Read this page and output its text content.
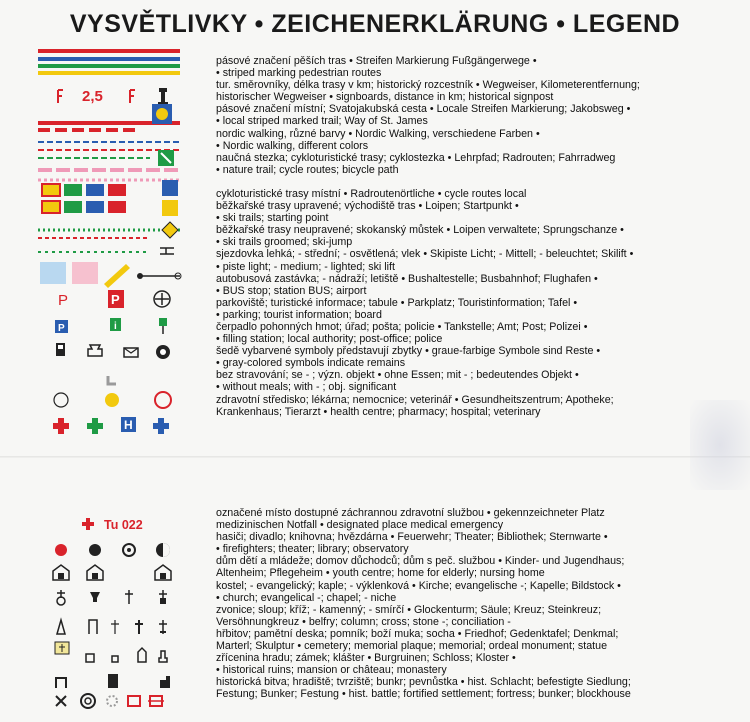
VYSVĚTLIVKY • ZEICHENERKLÄRUNG • LEGEND
2,5
P	P
P	i
H
Tu 022

pásové značení pěších tras • Streifen Markierung Fußgängerwege •

• striped marking pedestrian routes

tur. směrovníky, délka trasy v km; historický rozcestník • Wegweiser, Kilometerentfernung;

historischer Wegweiser • signboards, distance in km; historical signpost

pásové značení místní; Svatojakubská cesta • Locale Streifen Markierung; Jakobsweg •

• local striped marked trail; Way of St. James

nordic walking, různé barvy • Nordic Walking, verschiedene Farben •

• Nordic walking, different colors

naučná stezka; cykloturistické trasy; cyklostezka • Lehrpfad; Radrouten; Fahrradweg

• nature trail; cycle routes; bicycle path

cykloturistické trasy místní • Radroutenörtliche • cycle routes local

běžkařské trasy upravené; východiště tras • Loipen; Startpunkt •

• ski trails; starting point

běžkařské trasy neupravené; skokanský můstek • Loipen verwaltete; Sprungschanze •

• ski trails groomed; ski-jump

sjezdovka lehká; - střední; - osvětlená; vlek • Skipiste Licht; - Mittell; - beleuchtet; Skilift •

• piste light; - medium; - lighted; ski lift

autobusová zastávka; - nádraží; letiště • Bushaltestelle; Busbahnhof; Flughafen •

• BUS stop; station BUS; airport

parkoviště; turistické informace; tabule • Parkplatz; Touristinformation; Tafel •

• parking; tourist information; board

čerpadlo pohonných hmot; úřad; pošta; policie • Tankstelle; Amt; Post; Polizei •

• filling station; local authority; post-office; police

šedě vybarvené symboly představují zbytky • graue-farbige Symbole sind Reste •

• gray-colored symbols indicate remains

bez stravování; se - ; význ. objekt • ohne Essen; mit - ; bedeutendes Objekt •

• without meals; with - ; obj. significant

zdravotní středisko; lékárna; nemocnice; veterinář • Gesundheitszentrum; Apotheke;

Krankenhaus; Tierarzt • health centre; pharmacy; hospital; veterinary

označené místo dostupné záchrannou zdravotní službou • gekennzeichneter Platz

medizinischen Notfall • designated place medical emergency

hasiči; divadlo; knihovna; hvězdárna • Feuerwehr; Theater; Bibliothek; Sternwarte •

• firefighters; theater; library; observatory

dům dětí a mládeže; domov důchodců; dům s peč. službou • Kinder- und Jugendhaus;

Altenheim; Pflegeheim • youth centre; home for elderly; nursing home

kostel; - evangelický; kaple; - výklenková • Kirche; evangelische -; Kapelle; Bildstock •

• church; evangelical -; chapel; - niche

zvonice; sloup; kříž; - kamenný; - smírčí • Glockenturm; Säule; Kreuz; Steinkreuz;

Versöhnungkreuz • belfry; column; cross; stone -; conciliation -

hřbitov; pamětní deska; pomník; boží muka; socha • Friedhof; Gedenktafel; Denkmal;

Marterl; Skulptur • cemetery; memorial plaque; memorial; ordeal monument; statue

zřícenina hradu; zámek; klášter • Burgruinen; Schloss; Kloster •

• historical ruins; mansion or château; monastery

historická bitva; hradiště; tvrziště; bunkr; pevnůstka • hist. Schlacht; befestigte Siedlung;

Festung; Bunker; Festung • hist. battle; fortified settlement; fortress; bunker; blockhouse
